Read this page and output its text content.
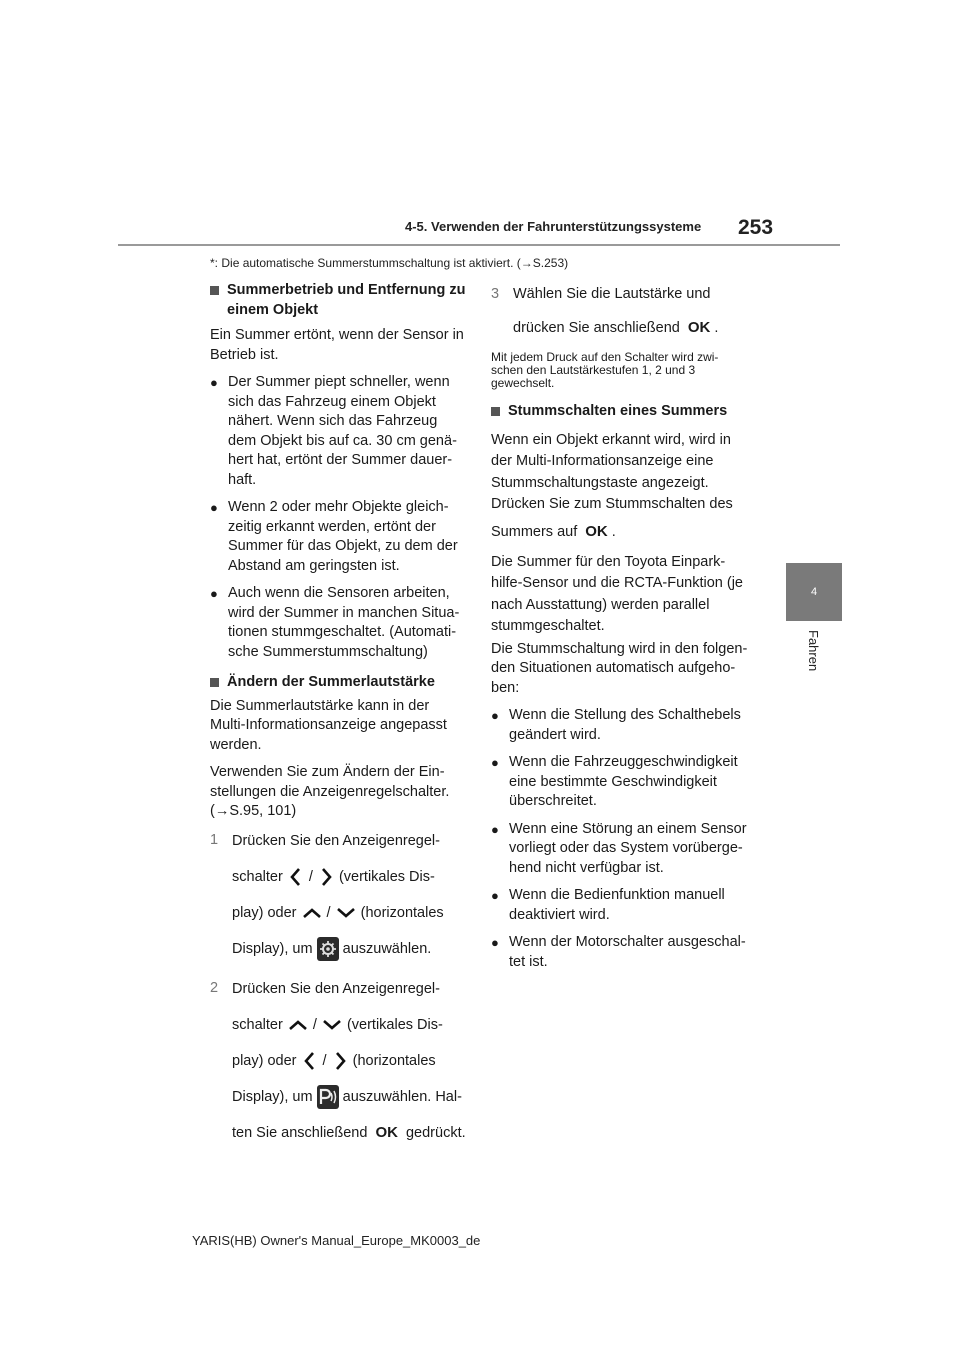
4-5. Verwenden der Fahrunterstützungssysteme 253
4
Fahren
*: Die automatische Summerstummschaltung ist aktiviert. (→S.253)
Summerbetrieb und Entfernung zu einem Objekt

Ein Summer ertönt, wenn der Sensor in Betrieb ist.

● Der Summer piept schneller, wenn sich das Fahrzeug einem Objekt nähert. Wenn sich das Fahrzeug dem Objekt bis auf ca. 30 cm genä-hert hat, ertönt der Summer dauer-haft.
● Wenn 2 oder mehr Objekte gleich-zeitig erkannt werden, ertönt der Summer für das Objekt, zu dem der Abstand am geringsten ist.
● Auch wenn die Sensoren arbeiten, wird der Summer in manchen Situa-tionen stummgeschaltet. (Automati-sche Summerstummschaltung)
Ändern der Summerlautstärke

Die Summerlautstärke kann in der Multi-Informationsanzeige angepasst werden.

Verwenden Sie zum Ändern der Ein-stellungen die Anzeigenregelschalter. (→S.95, 101)

1 Drücken Sie den Anzeigenregel-
schalter / (vertikales Dis-
play) oder / (horizontales
Display), um auszuwählen.
2 Drücken Sie den Anzeigenregel-
schalter / (vertikales Dis-
play) oder / (horizontales
Display), um auszuwählen. Hal-
ten Sie anschließend OK gedrückt.
3 Wählen Sie die Lautstärke und
drücken Sie anschließend OK .

Mit jedem Druck auf den Schalter wird zwi-schen den Lautstärkestufen 1, 2 und 3 gewechselt.

Stummschalten eines Summers

Wenn ein Objekt erkannt wird, wird in der Multi-Informationsanzeige eine Stummschaltungstaste angezeigt. Drücken Sie zum Stummschalten des

Summers auf OK .

Die Summer für den Toyota Einpark-hilfe-Sensor und die RCTA-Funktion (je nach Ausstattung) werden parallel stummgeschaltet.

Die Stummschaltung wird in den folgen-den Situationen automatisch aufgeho-ben:

● Wenn die Stellung des Schalthebels geändert wird.
● Wenn die Fahrzeuggeschwindigkeit eine bestimmte Geschwindigkeit überschreitet.
● Wenn eine Störung an einem Sensor vorliegt oder das System vorüberge-hend nicht verfügbar ist.
● Wenn die Bedienfunktion manuell deaktiviert wird.
● Wenn der Motorschalter ausgeschal-tet ist.
YARIS(HB) Owner's Manual_Europe_MK0003_de
